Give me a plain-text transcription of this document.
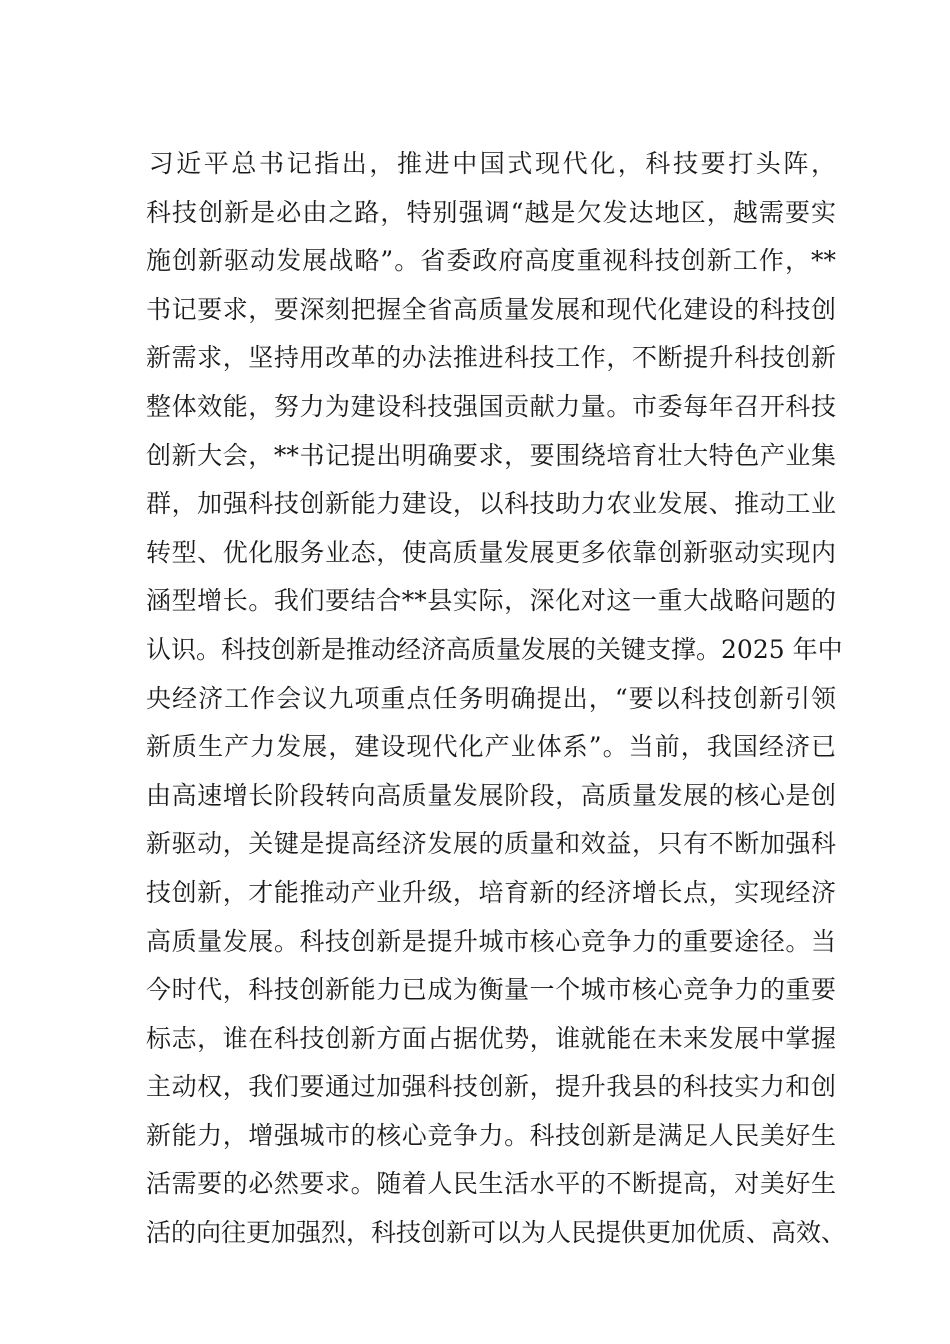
习近平总书记指出，推进中国式现代化，科技要打头阵，
科技创新是必由之路，特别强调“越是欠发达地区，越需要实
施创新驱动发展战略”。省委政府高度重视科技创新工作，**
书记要求，要深刻把握全省高质量发展和现代化建设的科技创
新需求，坚持用改革的办法推进科技工作，不断提升科技创新
整体效能，努力为建设科技强国贡献力量。市委每年召开科技
创新大会，**书记提出明确要求，要围绕培育壮大特色产业集
群，加强科技创新能力建设，以科技助力农业发展、推动工业
转型、优化服务业态，使高质量发展更多依靠创新驱动实现内
涵型增长。我们要结合**县实际，深化对这一重大战略问题的
认识。科技创新是推动经济高质量发展的关键支撑。2025 年中
央经济工作会议九项重点任务明确提出，“要以科技创新引领
新质生产力发展，建设现代化产业体系”。当前，我国经济已
由高速增长阶段转向高质量发展阶段，高质量发展的核心是创
新驱动，关键是提高经济发展的质量和效益，只有不断加强科
技创新，才能推动产业升级，培育新的经济增长点，实现经济
高质量发展。科技创新是提升城市核心竞争力的重要途径。当
今时代，科技创新能力已成为衡量一个城市核心竞争力的重要
标志，谁在科技创新方面占据优势，谁就能在未来发展中掌握
主动权，我们要通过加强科技创新，提升我县的科技实力和创
新能力，增强城市的核心竞争力。科技创新是满足人民美好生
活需要的必然要求。随着人民生活水平的不断提高，对美好生
活的向往更加强烈，科技创新可以为人民提供更加优质、高效、
